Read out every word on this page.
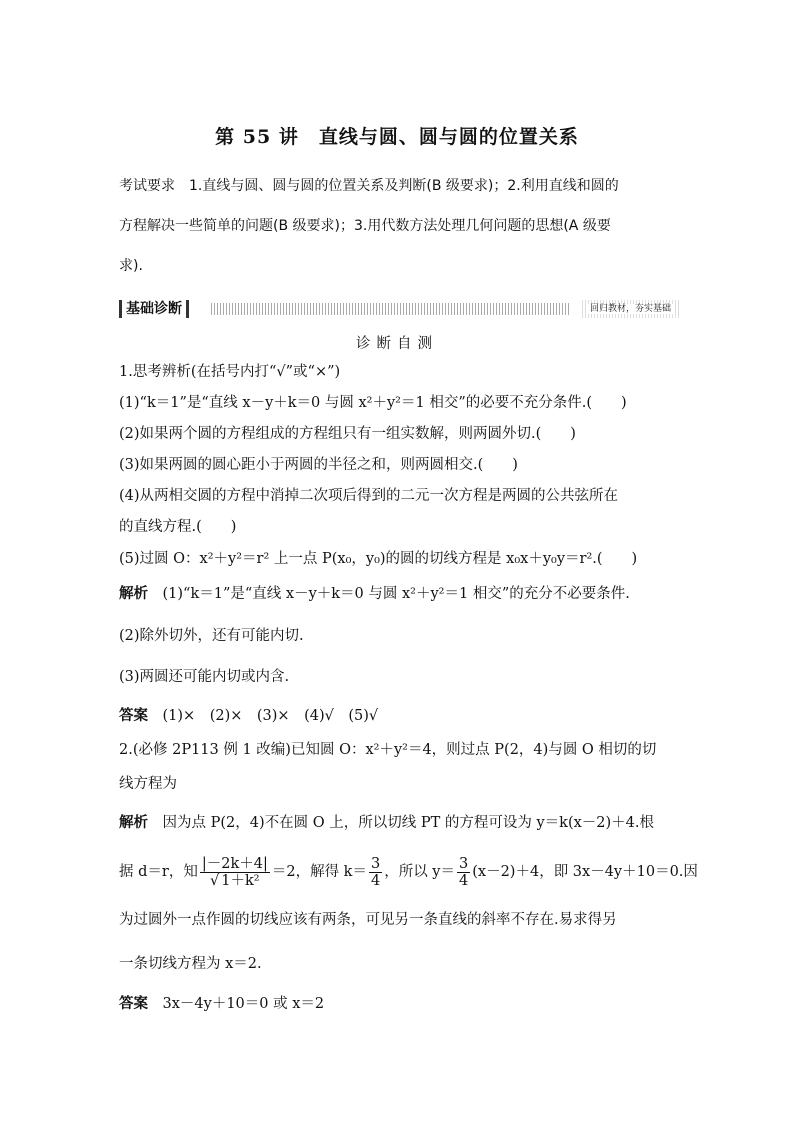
第 55 讲　直线与圆、圆与圆的位置关系
考试要求　1.直线与圆、圆与圆的位置关系及判断(B 级要求)；2.利用直线和圆的
方程解决一些简单的问题(B 级要求)；3.用代数方法处理几何问题的思想(A 级要
求).
基础诊断	回归教材，夯实基础
诊断自测
1.思考辨析(在括号内打“√”或“×”)
(1)“k＝1”是“直线 x－y＋k＝0 与圆 x²＋y²＝1 相交”的必要不充分条件.(　　)
(2)如果两个圆的方程组成的方程组只有一组实数解，则两圆外切.(　　)
(3)如果两圆的圆心距小于两圆的半径之和，则两圆相交.(　　)
(4)从两相交圆的方程中消掉二次项后得到的二元一次方程是两圆的公共弦所在
的直线方程.(　　)
(5)过圆 O：x²＋y²＝r² 上一点 P(x₀，y₀)的圆的切线方程是 x₀x＋y₀y＝r².(　　)
解析　 (1)“k＝1”是“直线 x－y＋k＝0 与圆 x²＋y²＝1 相交”的充分不必要条件.
(2)除外切外，还有可能内切.
(3)两圆还可能内切或内含.
答案　 (1)×　(2)×　(3)×　(4)√　(5)√
2.(必修 2P113 例 1 改编)已知圆 O：x²＋y²＝4，则过点 P(2，4)与圆 O 相切的切
线方程为
解析　 因为点 P(2，4)不在圆 O 上，所以切线 PT 的方程可设为 y＝k(x－2)＋4.根
据 d＝r，知 $\frac{|-2k+4|}{\text{√ 1＋k²}} =2$，解得 $k= \frac{3}{4}$ ，所以 $y= \frac{3}{4} (x-2)+4$，即 3x－4y＋10＝0.因
为过圆外一点作圆的切线应该有两条，可见另一条直线的斜率不存在.易求得另
一条切线方程为 x＝2.
答案　 3x－4y＋10＝0 或 x＝2
